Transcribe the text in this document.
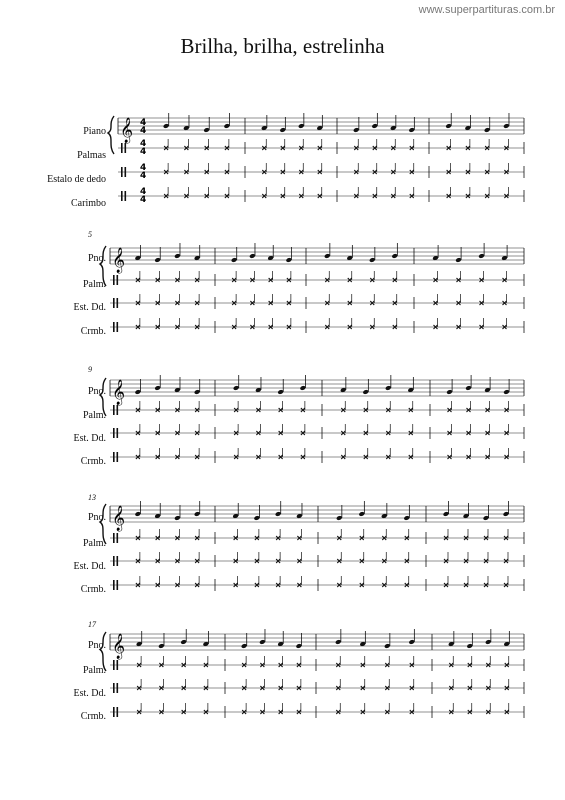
www.superpartituras.com.br
Brilha, brilha, estrelinha
Piano
Palmas
Estalo de dedo
Carimbo
5
Pno.
Palm.
Est. Dd.
Crmb.
9
Pno.
Palm.
Est. Dd.
Crmb.
13
Pno.
Palm.
Est. Dd.
Crmb.
17
Pno.
Palm.
Est. Dd.
Crmb.
𝄞 4
4
4
4
4
4
4
4
𝄞
𝄞
𝄞
𝄞
